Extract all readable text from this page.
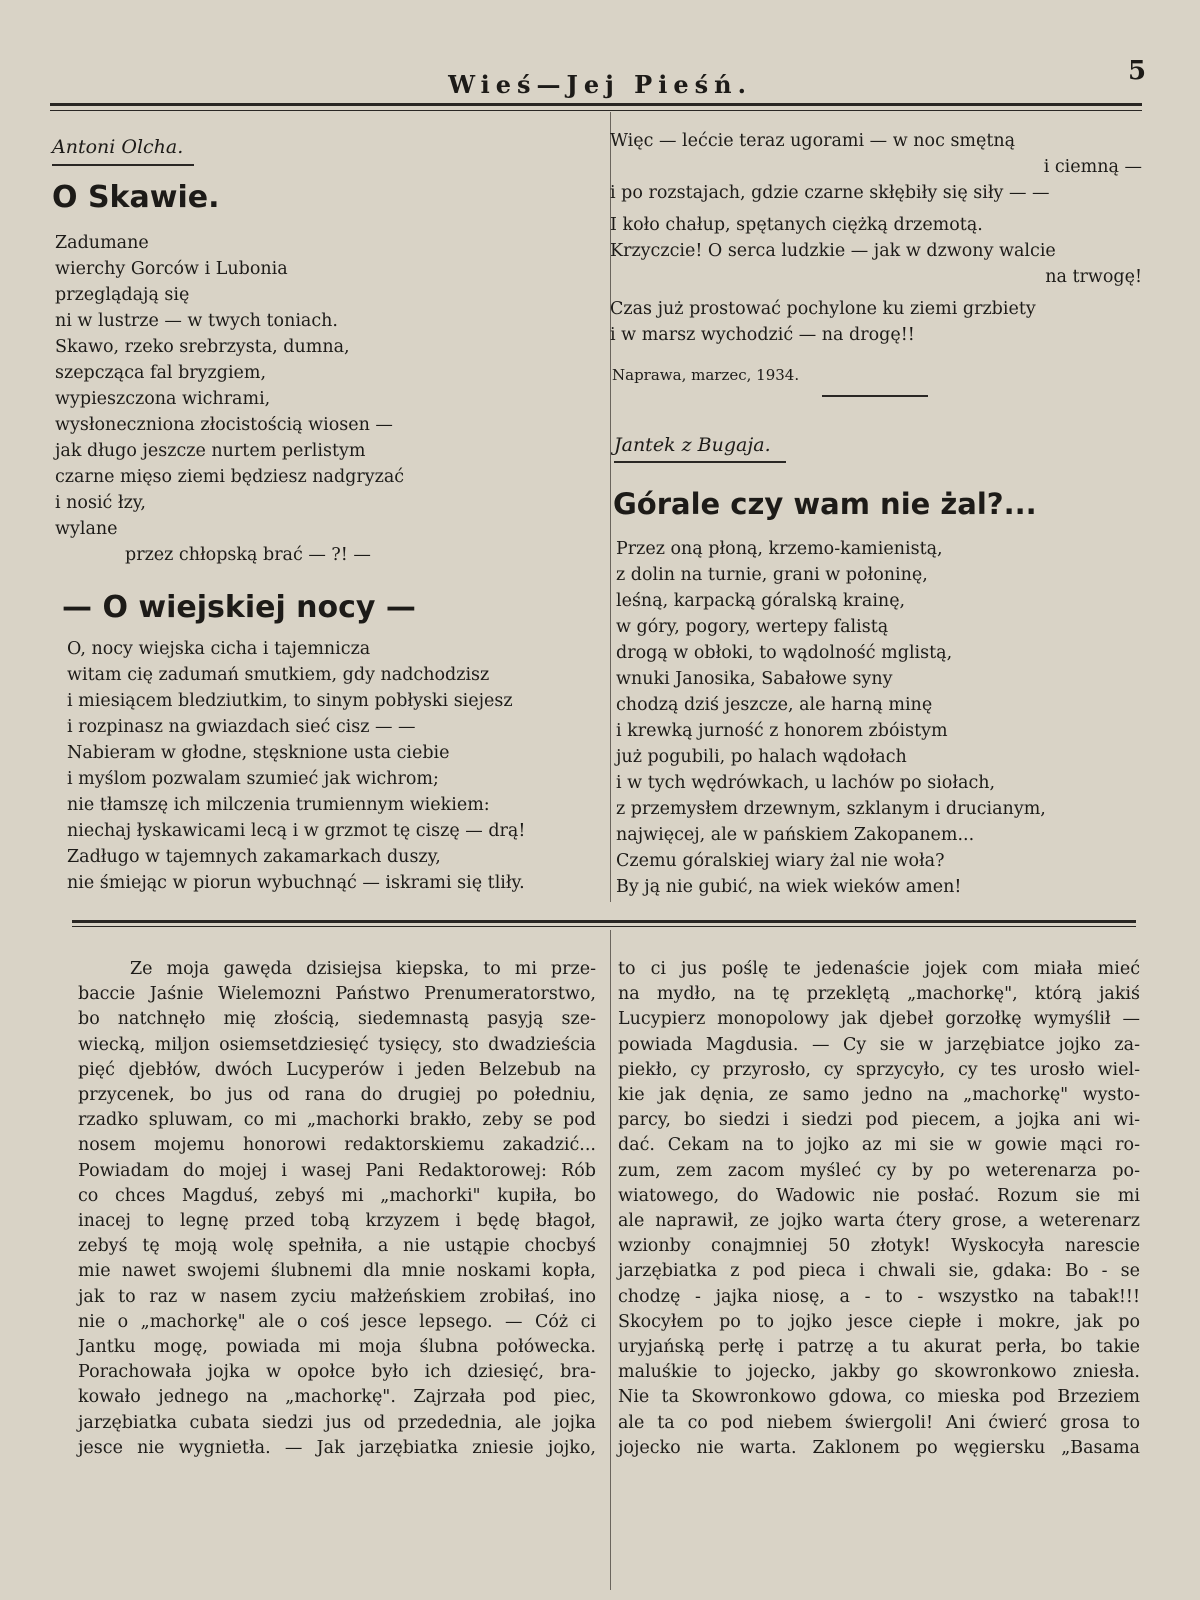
Wieś—Jej Pieśń.	5
Antoni Olcha.
O Skawie.
Zadumane
wierchy Gorców i Lubonia
przeglądają się
ni w lustrze — w twych toniach.
Skawo, rzeko srebrzysta, dumna,
szepcząca fal bryzgiem,
wypieszczona wichrami,
wysłoneczniona złocistością wiosen —
jak długo jeszcze nurtem perlistym
czarne mięso ziemi będziesz nadgryzać
i nosić łzy,
wylane
przez chłopską brać — ?! —
— O wiejskiej nocy —
O, nocy wiejska cicha i tajemnicza
witam cię zadumań smutkiem, gdy nadchodzisz
i miesiącem bledziutkim, to sinym pobłyski siejesz
i rozpinasz na gwiazdach sieć cisz — —
Nabieram w głodne, stęsknione usta ciebie
i myślom pozwalam szumieć jak wichrom;
nie tłamszę ich milczenia trumiennym wiekiem:
niechaj łyskawicami lecą i w grzmot tę ciszę — drą!
Zadługo w tajemnych zakamarkach duszy,
nie śmiejąc w piorun wybuchnąć — iskrami się tliły.
Więc — lećcie teraz ugorami — w noc smętną
i ciemną —
i po rozstajach, gdzie czarne skłębiły się siły — —
I koło chałup, spętanych ciężką drzemotą.
Krzyczcie! O serca ludzkie — jak w dzwony walcie
na trwogę!
Czas już prostować pochylone ku ziemi grzbiety
i w marsz wychodzić — na drogę!!
Naprawa, marzec, 1934.
Jantek z Bugaja.
Górale czy wam nie żal?...
Przez oną płoną, krzemo-kamienistą,
z dolin na turnie, grani w połoninę,
leśną, karpacką góralską krainę,
w góry, pogory, wertepy falistą
drogą w obłoki, to wądolność mglistą,
wnuki Janosika, Sabałowe syny
chodzą dziś jeszcze, ale harną minę
i krewką jurność z honorem zbóistym
już pogubili, po halach wądołach
i w tych wędrówkach, u lachów po siołach,
z przemysłem drzewnym, szklanym i drucianym,
najwięcej, ale w pańskiem Zakopanem...
Czemu góralskiej wiary żal nie woła?
By ją nie gubić, na wiek wieków amen!
Ze moja gawęda dzisiejsa kiepska, to mi prze-
baccie Jaśnie Wielemozni Państwo Prenumeratorstwo,
bo natchnęło mię złością, siedemnastą pasyją sze-
wiecką, miljon osiemsetdziesięć tysięcy, sto dwadzieścia
pięć djebłów, dwóch Lucyperów i jeden Belzebub na
przycenek, bo jus od rana do drugiej po połedniu,
rzadko spluwam, co mi „machorki brakło, zeby se pod
nosem mojemu honorowi redaktorskiemu zakadzić...
Powiadam do mojej i wasej Pani Redaktorowej: Rób
co chces Magduś, zebyś mi „machorki" kupiła, bo
inacej to legnę przed tobą krzyzem i będę błagoł,
zebyś tę moją wolę spełniła, a nie ustąpie chocbyś
mie nawet swojemi ślubnemi dla mnie noskami kopła,
jak to raz w nasem zyciu małżeńskiem zrobiłaś, ino
nie o „machorkę" ale o coś jesce lepsego. — Cóż ci
Jantku mogę, powiada mi moja ślubna połówecka.
Porachowała jojka w opołce było ich dziesięć, bra-
kowało jednego na „machorkę". Zajrzała pod piec,
jarzębiatka cubata siedzi jus od przedednia, ale jojka
jesce nie wygnietła. — Jak jarzębiatka zniesie jojko,
to ci jus poślę te jedenaście jojek com miała mieć
na mydło, na tę przeklętą „machorkę", którą jakiś
Lucypierz monopolowy jak djebeł gorzołkę wymyślił —
powiada Magdusia. — Cy sie w jarzębiatce jojko za-
piekło, cy przyrosło, cy sprzycyło, cy tes urosło wiel-
kie jak dęnia, ze samo jedno na „machorkę" wysto-
parcy, bo siedzi i siedzi pod piecem, a jojka ani wi-
dać. Cekam na to jojko az mi sie w gowie mąci ro-
zum, zem zacom myśleć cy by po weterenarza po-
wiatowego, do Wadowic nie posłać. Rozum sie mi
ale naprawił, ze jojko warta ćtery grose, a weterenarz
wzionby conajmniej 50 złotyk! Wyskocyła narescie
jarzębiatka z pod pieca i chwali sie, gdaka: Bo - se
chodzę - jajka niosę, a - to - wszystko na tabak!!!
Skocyłem po to jojko jesce ciepłe i mokre, jak po
uryjańską perłę i patrzę a tu akurat perła, bo takie
maluśkie to jojecko, jakby go skowronkowo zniesła.
Nie ta Skowronkowo gdowa, co mieska pod Brzeziem
ale ta co pod niebem świergoli! Ani ćwierć grosa to
jojecko nie warta. Zaklonem po węgiersku „Basama
